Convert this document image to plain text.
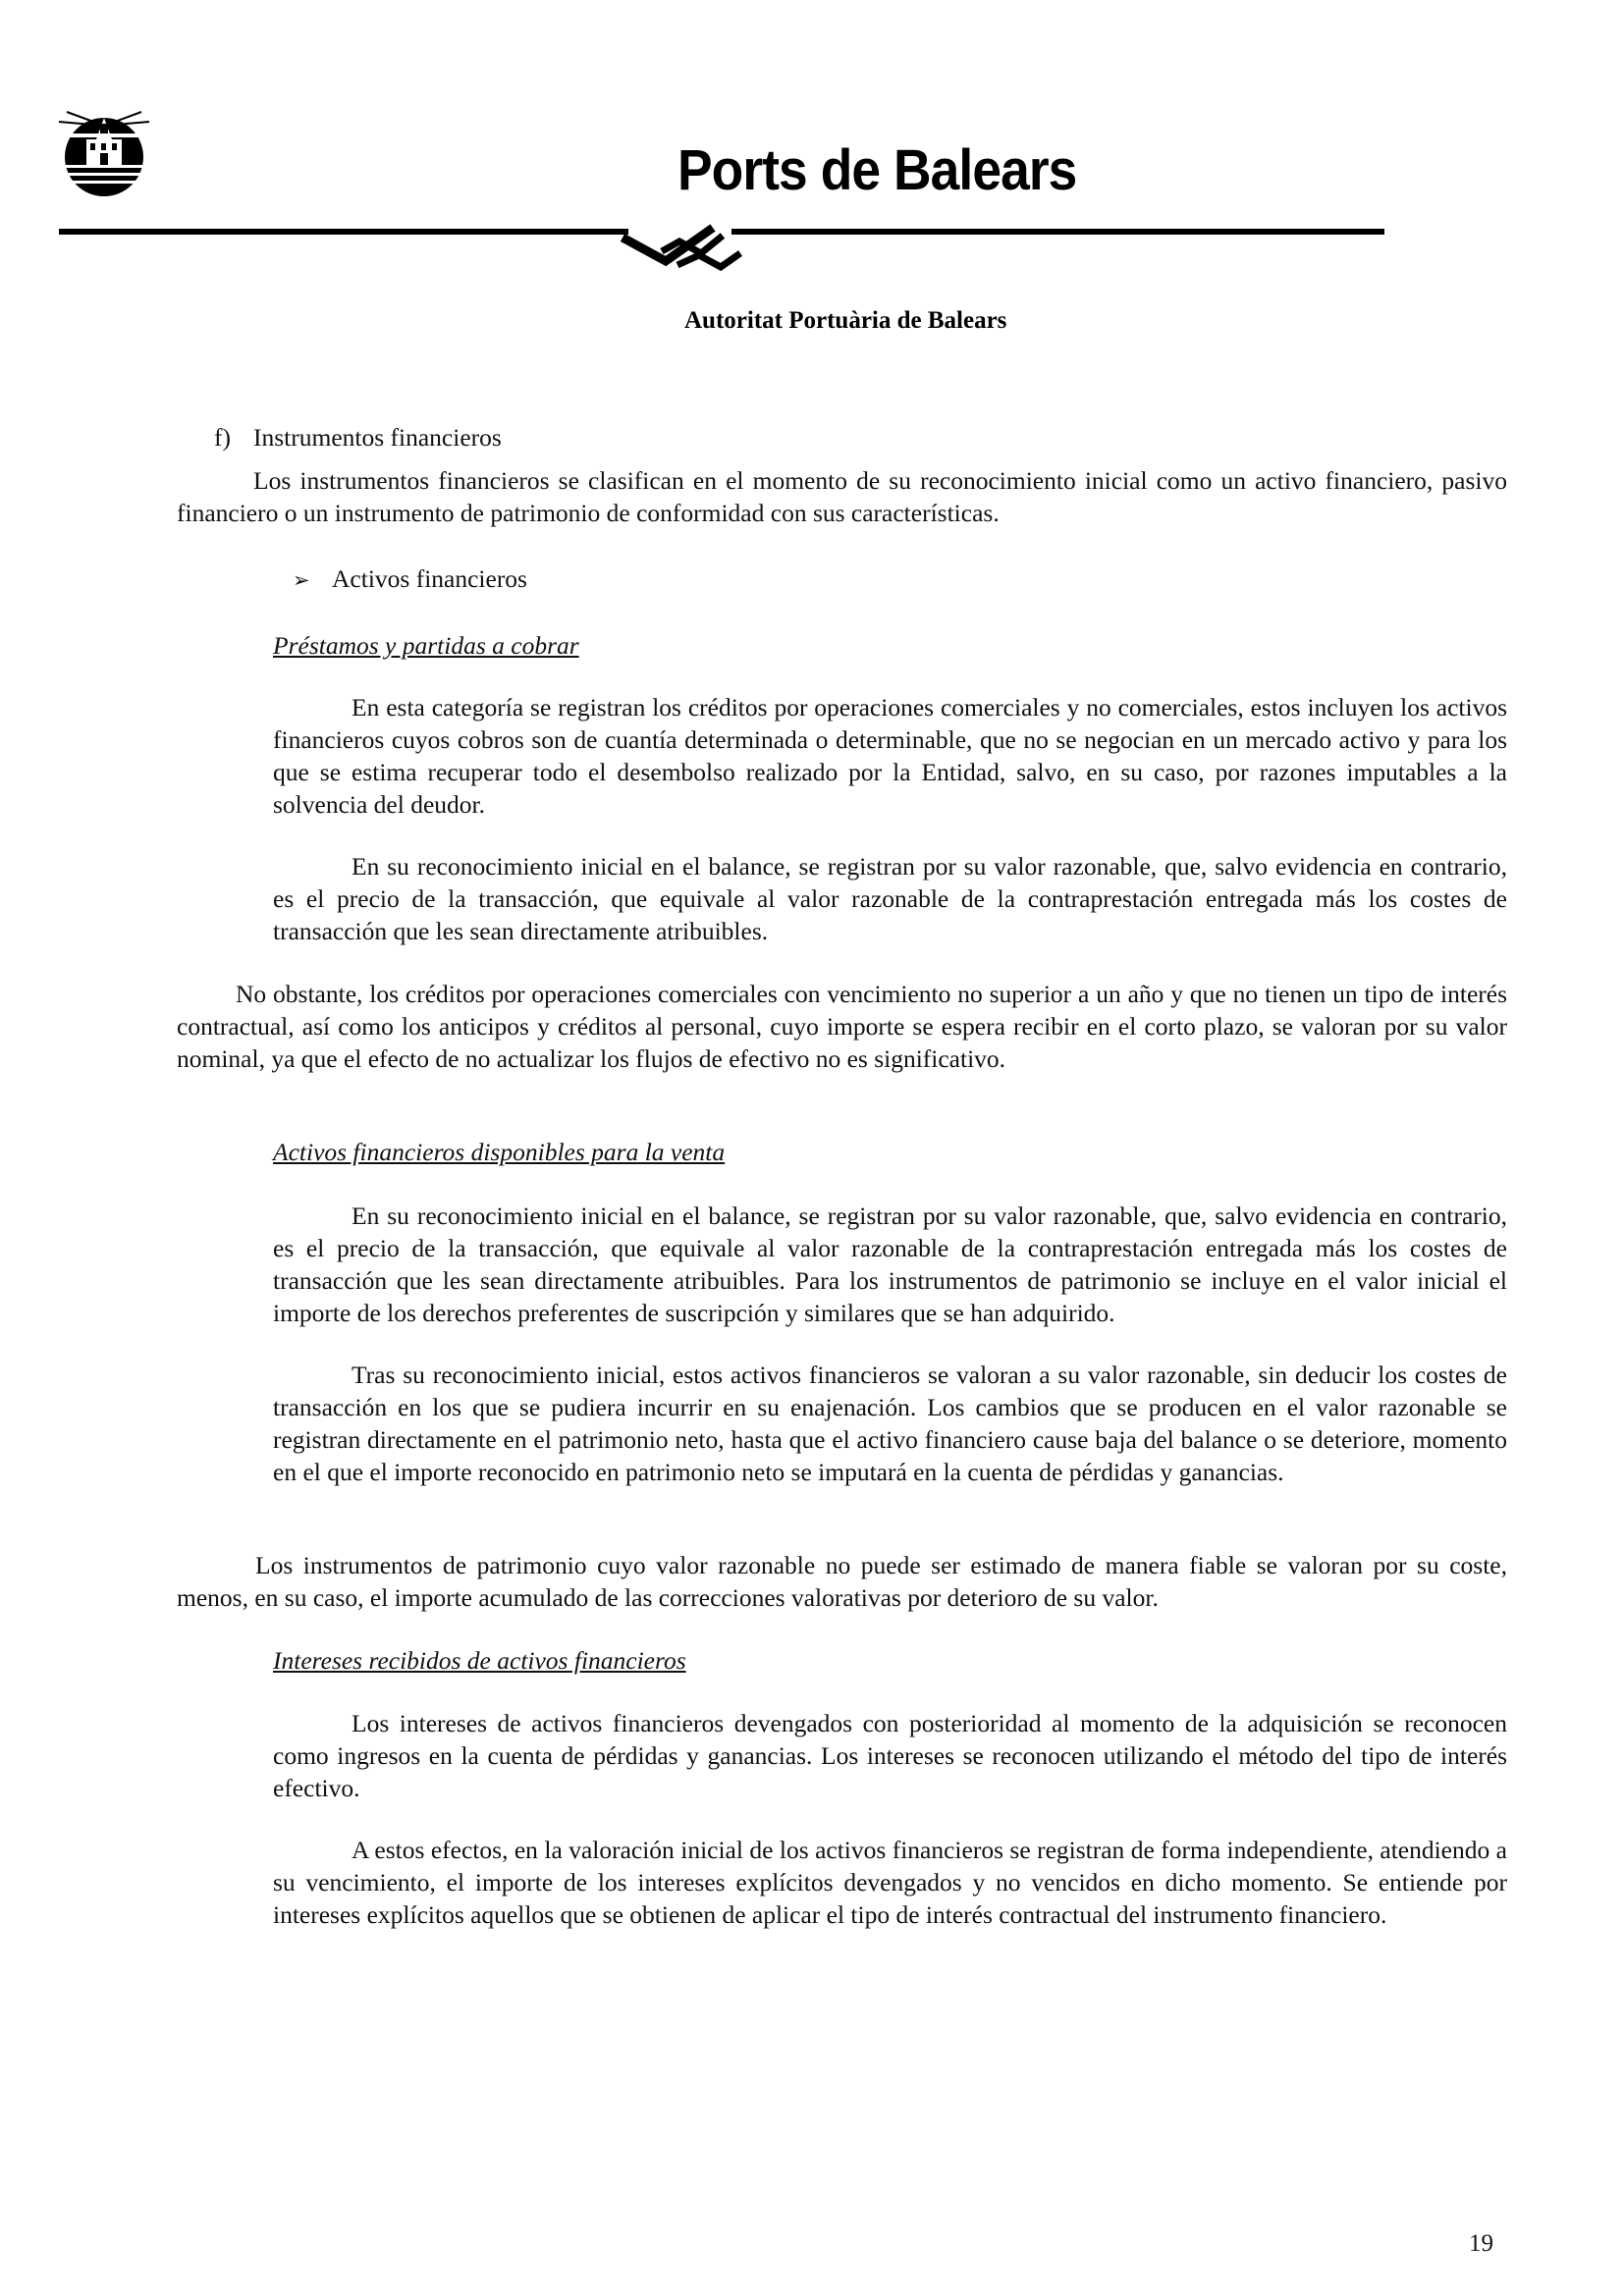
Ports de Balears
Autoritat Portuària de Balears
f) Instrumentos financieros

Los instrumentos financieros se clasifican en el momento de su reconocimiento inicial como un activo financiero, pasivo financiero o un instrumento de patrimonio de conformidad con sus características.

➢ Activos financieros

Préstamos y partidas a cobrar

En esta categoría se registran los créditos por operaciones comerciales y no comerciales, estos incluyen los activos financieros cuyos cobros son de cuantía determinada o determinable, que no se negocian en un mercado activo y para los que se estima recuperar todo el desembolso realizado por la Entidad, salvo, en su caso, por razones imputables a la solvencia del deudor.

En su reconocimiento inicial en el balance, se registran por su valor razonable, que, salvo evidencia en contrario, es el precio de la transacción, que equivale al valor razonable de la contraprestación entregada más los costes de transacción que les sean directamente atribuibles.

No obstante, los créditos por operaciones comerciales con vencimiento no superior a un año y que no tienen un tipo de interés contractual, así como los anticipos y créditos al personal, cuyo importe se espera recibir en el corto plazo, se valoran por su valor nominal, ya que el efecto de no actualizar los flujos de efectivo no es significativo.

Activos financieros disponibles para la venta

En su reconocimiento inicial en el balance, se registran por su valor razonable, que, salvo evidencia en contrario, es el precio de la transacción, que equivale al valor razonable de la contraprestación entregada más los costes de transacción que les sean directamente atribuibles. Para los instrumentos de patrimonio se incluye en el valor inicial el importe de los derechos preferentes de suscripción y similares que se han adquirido.

Tras su reconocimiento inicial, estos activos financieros se valoran a su valor razonable, sin deducir los costes de transacción en los que se pudiera incurrir en su enajenación. Los cambios que se producen en el valor razonable se registran directamente en el patrimonio neto, hasta que el activo financiero cause baja del balance o se deteriore, momento en el que el importe reconocido en patrimonio neto se imputará en la cuenta de pérdidas y ganancias.

Los instrumentos de patrimonio cuyo valor razonable no puede ser estimado de manera fiable se valoran por su coste, menos, en su caso, el importe acumulado de las correcciones valorativas por deterioro de su valor.

Intereses recibidos de activos financieros

Los intereses de activos financieros devengados con posterioridad al momento de la adquisición se reconocen como ingresos en la cuenta de pérdidas y ganancias. Los intereses se reconocen utilizando el método del tipo de interés efectivo.

A estos efectos, en la valoración inicial de los activos financieros se registran de forma independiente, atendiendo a su vencimiento, el importe de los intereses explícitos devengados y no vencidos en dicho momento. Se entiende por intereses explícitos aquellos que se obtienen de aplicar el tipo de interés contractual del instrumento financiero.

19
